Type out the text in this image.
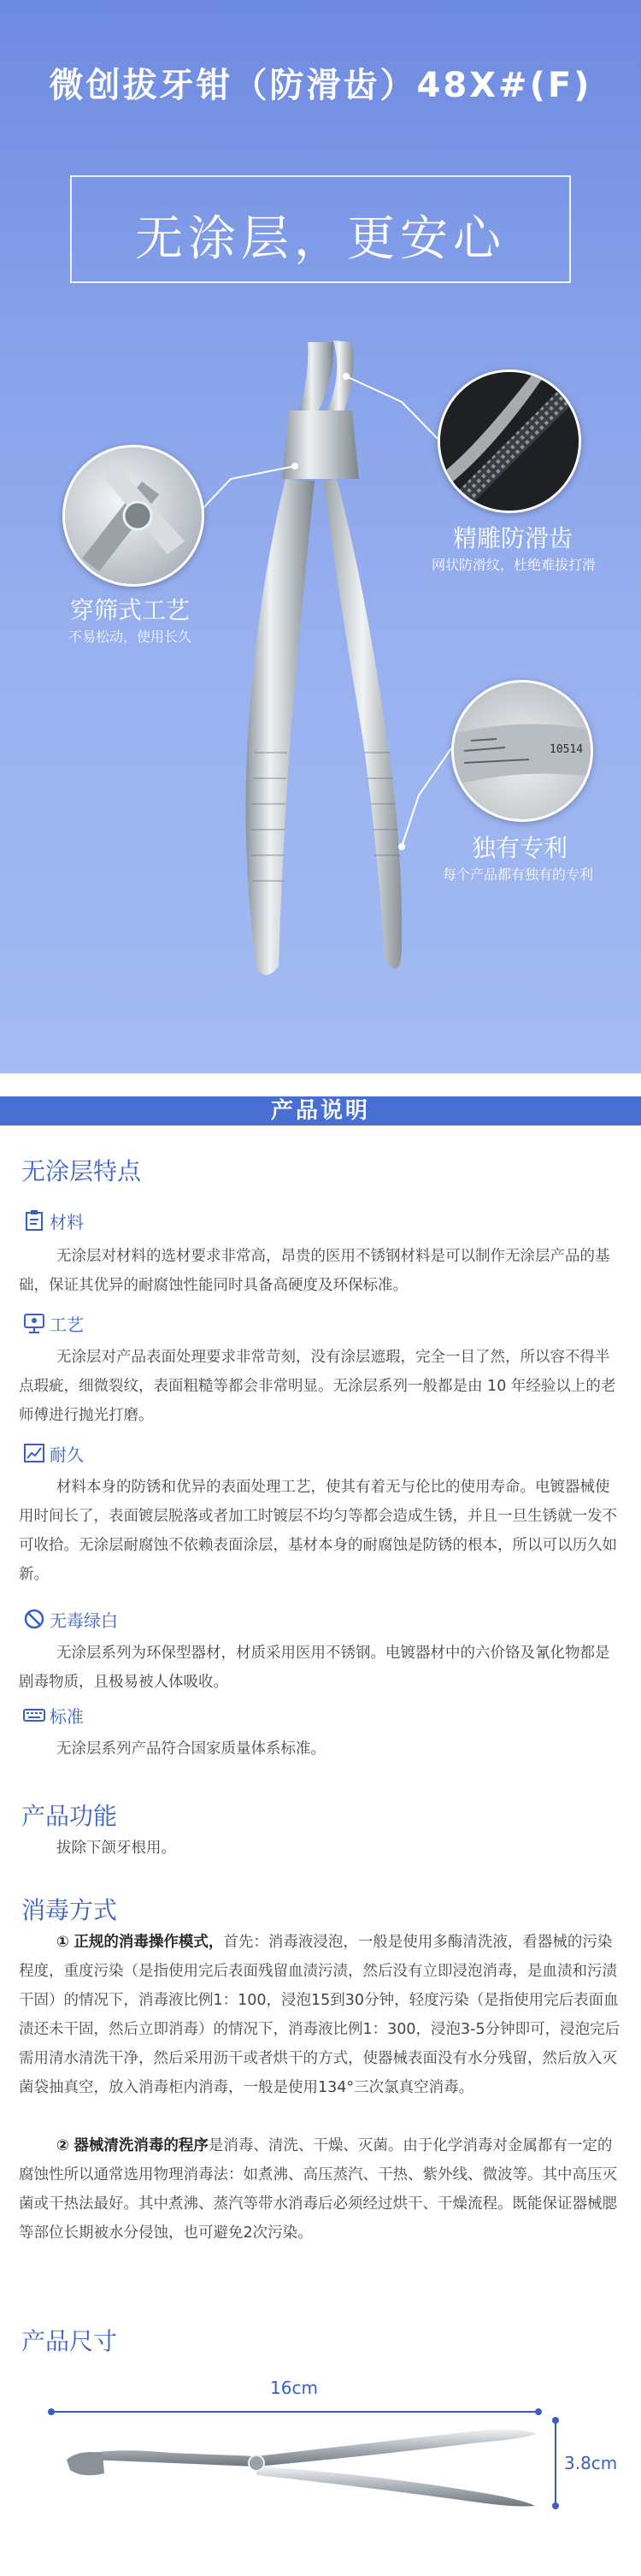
微创拔牙钳（防滑齿）48X#(F)
无涂层，更安心
10514
穿筛式工艺
不易松动，使用长久
精雕防滑齿
网状防滑纹，杜绝难拔打滑
独有专利
每个产品都有独有的专利
产品说明
无涂层特点
材料
无涂层对材料的选材要求非常高，昂贵的医用不锈钢材料是可以制作无涂层产品的基础，保证其优异的耐腐蚀性能同时具备高硬度及环保标准。
工艺
无涂层对产品表面处理要求非常苛刻，没有涂层遮瑕，完全一目了然，所以容不得半点瑕疵，细微裂纹，表面粗糙等都会非常明显。无涂层系列一般都是由 10 年经验以上的老师傅进行抛光打磨。
耐久
材料本身的防锈和优异的表面处理工艺，使其有着无与伦比的使用寿命。电镀器械使用时间长了，表面镀层脱落或者加工时镀层不均匀等都会造成生锈，并且一旦生锈就一发不可收拾。无涂层耐腐蚀不依赖表面涂层，基材本身的耐腐蚀是防锈的根本，所以可以历久如新。
无毒绿白
无涂层系列为环保型器材，材质采用医用不锈钢。电镀器材中的六价铬及氰化物都是剧毒物质，且极易被人体吸收。
标准
无涂层系列产品符合国家质量体系标准。
产品功能
拔除下颌牙根用。
消毒方式
① 正规的消毒操作模式，首先：消毒液浸泡，一般是使用多酶清洗液，看器械的污染程度，重度污染（是指使用完后表面残留血渍污渍，然后没有立即浸泡消毒，是血渍和污渍干固）的情况下，消毒液比例1：100，浸泡15到30分钟，轻度污染（是指使用完后表面血渍还未干固，然后立即消毒）的情况下，消毒液比例1：300，浸泡3-5分钟即可，浸泡完后需用清水清洗干净，然后采用沥干或者烘干的方式，使器械表面没有水分残留，然后放入灭菌袋抽真空，放入消毒柜内消毒，一般是使用134°三次氯真空消毒。
② 器械清洗消毒的程序是消毒、清洗、干燥、灭菌。由于化学消毒对金属都有一定的腐蚀性所以通常选用物理消毒法：如煮沸、高压蒸汽、干热、紫外线、微波等。其中高压灭菌或干热法最好。其中煮沸、蒸汽等带水消毒后必须经过烘干、干燥流程。既能保证器械腮等部位长期被水分侵蚀，也可避免2次污染。
产品尺寸
16cm
3.8cm
